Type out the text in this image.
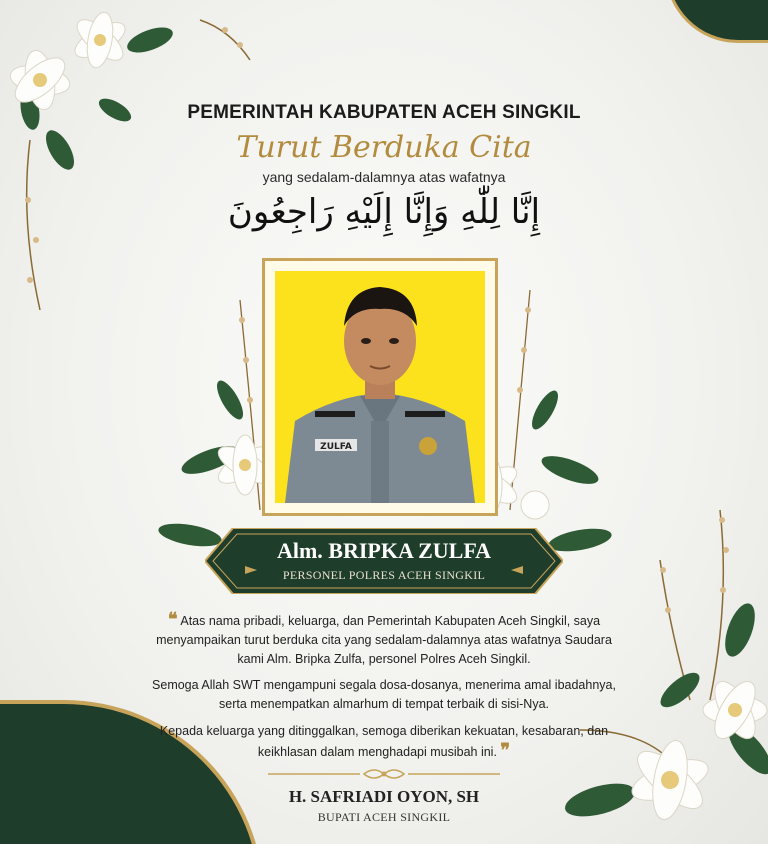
PEMERINTAH KABUPATEN ACEH SINGKIL
Turut Berduka Cita
yang sedalam-dalamnya atas wafatnya
إِنَّا لِلّٰهِ وَإِنَّا إِلَيْهِ رَاجِعُونَ
ZULFA
Alm. BRIPKA ZULFA
PERSONEL POLRES ACEH SINGKIL
❝ Atas nama pribadi, keluarga, dan Pemerintah Kabupaten Aceh Singkil, saya menyampaikan turut berduka cita yang sedalam-dalamnya atas wafatnya Saudara kami Alm. Bripka Zulfa, personel Polres Aceh Singkil.
Semoga Allah SWT mengampuni segala dosa-dosanya, menerima amal ibadahnya, serta menempatkan almarhum di tempat terbaik di sisi-Nya.
Kepada keluarga yang ditinggalkan, semoga diberikan kekuatan, kesabaran, dan keikhlasan dalam menghadapi musibah ini. ❞
H. SAFRIADI OYON, SH
BUPATI ACEH SINGKIL
